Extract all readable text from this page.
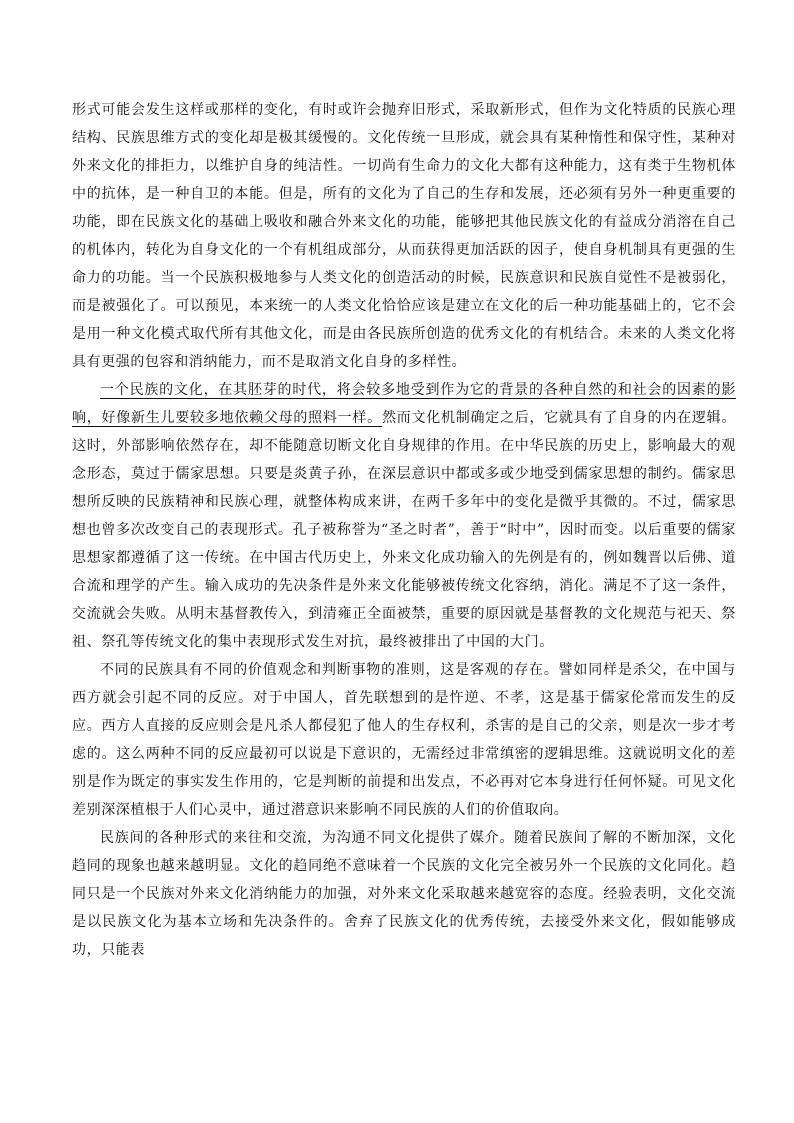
形式可能会发生这样或那样的变化，有时或许会抛弃旧形式，采取新形式，但作为文化特质的民族心理结构、民族思维方式的变化却是极其缓慢的。文化传统一旦形成，就会具有某种惰性和保守性，某种对外来文化的排拒力，以维护自身的纯洁性。一切尚有生命力的文化大都有这种能力，这有类于生物机体中的抗体，是一种自卫的本能。但是，所有的文化为了自己的生存和发展，还必须有另外一种更重要的功能，即在民族文化的基础上吸收和融合外来文化的功能，能够把其他民族文化的有益成分消溶在自己的机体内，转化为自身文化的一个有机组成部分，从而获得更加活跃的因子，使自身机制具有更强的生命力的功能。当一个民族积极地参与人类文化的创造活动的时候，民族意识和民族自觉性不是被弱化，而是被强化了。可以预见，本来统一的人类文化恰恰应该是建立在文化的后一种功能基础上的，它不会是用一种文化模式取代所有其他文化，而是由各民族所创造的优秀文化的有机结合。未来的人类文化将具有更强的包容和消纳能力，而不是取消文化自身的多样性。

一个民族的文化，在其胚芽的时代，将会较多地受到作为它的背景的各种自然的和社会的因素的影响，好像新生儿要较多地依赖父母的照料一样。然而文化机制确定之后，它就具有了自身的内在逻辑。这时，外部影响依然存在，却不能随意切断文化自身规律的作用。在中华民族的历史上，影响最大的观念形态，莫过于儒家思想。只要是炎黄子孙，在深层意识中都或多或少地受到儒家思想的制约。儒家思想所反映的民族精神和民族心理，就整体构成来讲，在两千多年中的变化是微乎其微的。不过，儒家思想也曾多次改变自己的表现形式。孔子被称誉为“圣之时者”，善于“时中”，因时而变。以后重要的儒家思想家都遵循了这一传统。在中国古代历史上，外来文化成功输入的先例是有的，例如魏晋以后佛、道合流和理学的产生。输入成功的先决条件是外来文化能够被传统文化容纳，消化。满足不了这一条件，交流就会失败。从明末基督教传入，到清雍正全面被禁，重要的原因就是基督教的文化规范与祀天、祭祖、祭孔等传统文化的集中表现形式发生对抗，最终被排出了中国的大门。

不同的民族具有不同的价值观念和判断事物的准则，这是客观的存在。譬如同样是杀父，在中国与西方就会引起不同的反应。对于中国人，首先联想到的是忤逆、不孝，这是基于儒家伦常而发生的反应。西方人直接的反应则会是凡杀人都侵犯了他人的生存权利，杀害的是自己的父亲，则是次一步才考虑的。这么两种不同的反应最初可以说是下意识的，无需经过非常缜密的逻辑思维。这就说明文化的差别是作为既定的事实发生作用的，它是判断的前提和出发点，不必再对它本身进行任何怀疑。可见文化差别深深植根于人们心灵中，通过潜意识来影响不同民族的人们的价值取向。

民族间的各种形式的来往和交流，为沟通不同文化提供了媒介。随着民族间了解的不断加深，文化趋同的现象也越来越明显。文化的趋同绝不意味着一个民族的文化完全被另外一个民族的文化同化。趋同只是一个民族对外来文化消纳能力的加强，对外来文化采取越来越宽容的态度。经验表明，文化交流是以民族文化为基本立场和先决条件的。舍弃了民族文化的优秀传统，去接受外来文化，假如能够成功，只能表
